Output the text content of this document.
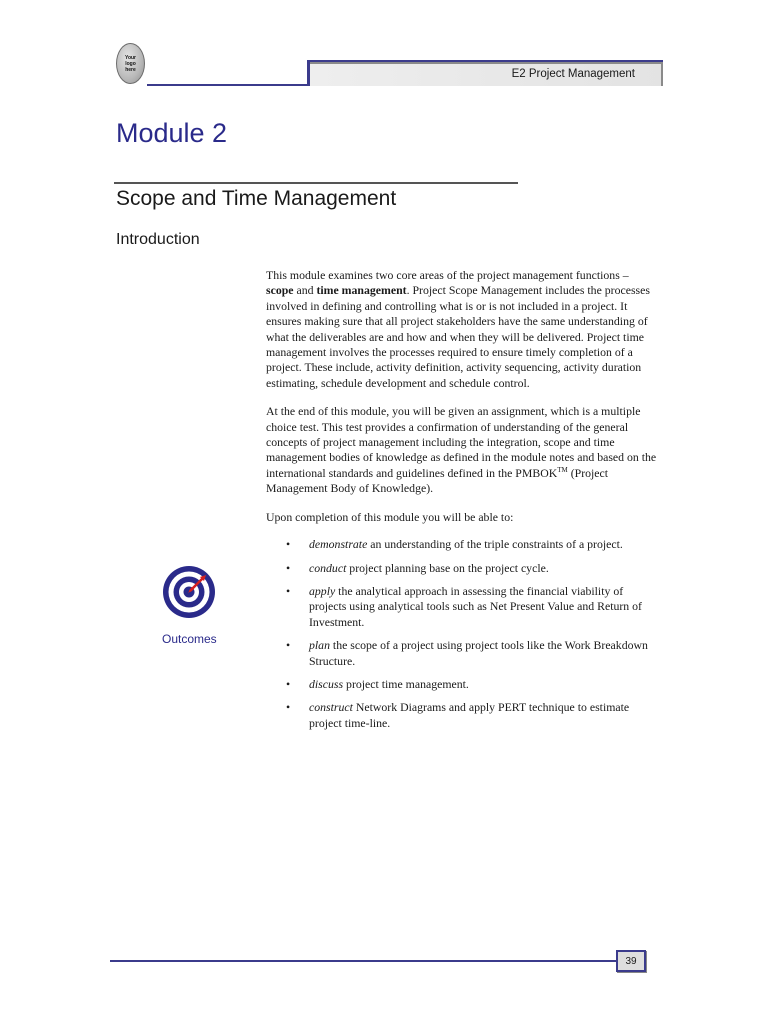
Your
logo
here	E2 Project Management
Module 2
Scope and Time Management
Introduction

This module examines two core areas of the project management functions – scope and time management. Project Scope Management includes the processes involved in defining and controlling what is or is not included in a project. It ensures making sure that all project stakeholders have the same understanding of what the deliverables are and how and when they will be delivered. Project time management involves the processes required to ensure timely completion of a project. These include, activity definition, activity sequencing, activity duration estimating, schedule development and schedule control.

At the end of this module, you will be given an assignment, which is a multiple choice test. This test provides a confirmation of understanding of the general concepts of project management including the integration, scope and time management bodies of knowledge as defined in the module notes and based on the international standards and guidelines defined in the PMBOK™ (Project Management Body of Knowledge).

Upon completion of this module you will be able to:

• demonstrate an understanding of the triple constraints of a project.
• conduct project planning base on the project cycle.
• apply the analytical approach in assessing the financial viability of projects using analytical tools such as Net Present Value and Return of Investment.
• plan the scope of a project using project tools like the Work Breakdown Structure.
• discuss project time management.
• construct Network Diagrams and apply PERT technique to estimate project time-line.
Outcomes
39
